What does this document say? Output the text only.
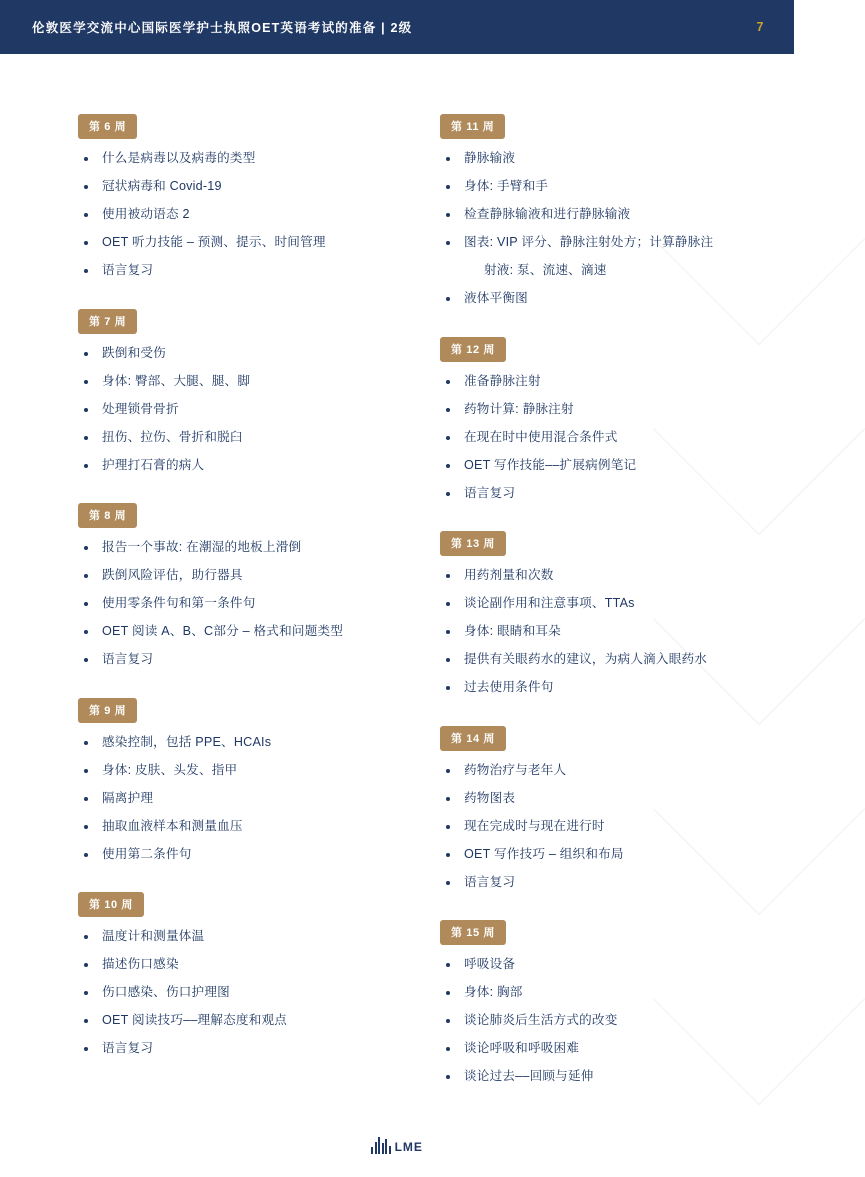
伦敦医学交流中心国际医学护士执照OET英语考试的准备 | 2级	7
第 6 周
什么是病毒以及病毒的类型
冠状病毒和 Covid-19
使用被动语态 2
OET 听力技能 – 预测、提示、时间管理
语言复习
第 7 周
跌倒和受伤
身体: 臀部、大腿、腿、脚
处理锁骨骨折
扭伤、拉伤、骨折和脱臼
护理打石膏的病人
第 8 周
报告一个事故: 在潮湿的地板上滑倒
跌倒风险评估，助行器具
使用零条件句和第一条件句
OET 阅读 A、B、C部分 – 格式和问题类型
语言复习
第 9 周
感染控制，包括 PPE、HCAIs
身体: 皮肤、头发、指甲
隔离护理
抽取血液样本和测量血压
使用第二条件句
第 10 周
温度计和测量体温
描述伤口感染
伤口感染、伤口护理图
OET 阅读技巧––理解态度和观点
语言复习
第 11 周
静脉输液
身体: 手臂和手
检查静脉输液和进行静脉输液
图表: VIP 评分、静脉注射处方；计算静脉注
射液: 泵、流速、滴速
液体平衡图
第 12 周
准备静脉注射
药物计算: 静脉注射
在现在时中使用混合条件式
OET 写作技能––扩展病例笔记
语言复习
第 13 周
用药剂量和次数
谈论副作用和注意事项、TTAs
身体: 眼睛和耳朵
提供有关眼药水的建议，为病人滴入眼药水
过去使用条件句
第 14 周
药物治疗与老年人
药物图表
现在完成时与现在进行时
OET 写作技巧 – 组织和布局
语言复习
第 15 周
呼吸设备
身体: 胸部
谈论肺炎后生活方式的改变
谈论呼吸和呼吸困难
谈论过去––回顾与延伸
LME
